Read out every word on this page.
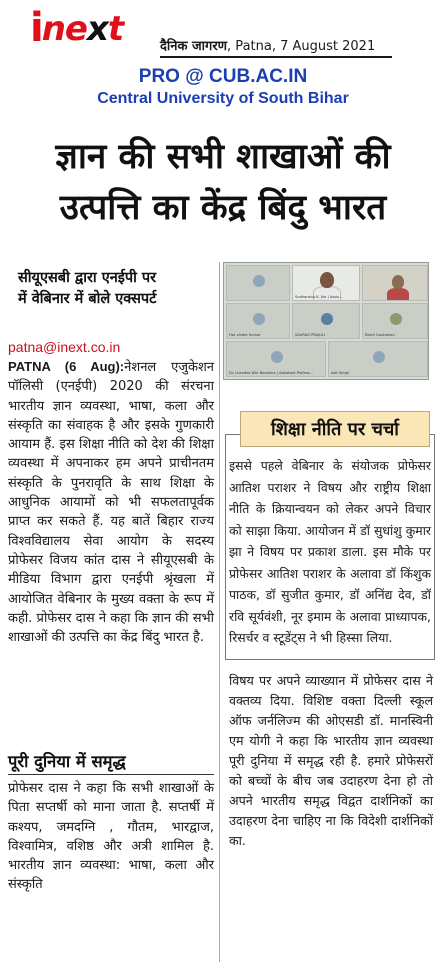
i ne x t	दैनिक जागरण, Patna, 7 August 2021
PRO @ CUB.AC.IN
Central University of South Bihar
ज्ञान की सभी शाखाओं की
उत्पत्ति का केंद्र बिंदु भारत
सीयूएसबी द्वारा एनईपी पर
में वेबिनार में बोले एक्सपर्ट
patna@inext.co.in
PATNA (6 Aug):नेशनल एजुकेशन पॉलिसी (एनईपी) 2020 की संरचना भारतीय ज्ञान व्यवस्था, भाषा, कला और संस्कृति का संवाहक है और इसके गुणकारी आयाम हैं. इस शिक्षा नीति को देश की शिक्षा व्यवस्था में अपनाकर हम अपने प्राचीनतम संस्कृति के पुनरावृति के साथ शिक्षा के आधुनिक आयामों को भी सफलतापूर्वक प्राप्त कर सकते हैं. यह बातें बिहार राज्य विश्वविद्यालय सेवा आयोग के सदस्य प्रोफेसर विजय कांत दास ने सीयूएसबी के मीडिया विभाग द्वारा एनईपी श्रृंखला में आयोजित वेबिनार के मुख्य वक्ता के रूप में कही. प्रोफेसर दास ने कहा कि ज्ञान की सभी शाखाओं की उत्पत्ति का केंद्र बिंदु भारत है.
पूरी दुनिया में समृद्ध
प्रोफेसर दास ने कहा कि सभी शाखाओं के पिता सप्तर्षी को माना जाता है. सप्तर्षी में कश्यप, जमदग्नि , गौतम, भारद्वाज, विश्वामित्र, वशिष्ठ और अत्री शामिल है. भारतीय ज्ञान व्यवस्था: भाषा, कला और संस्कृति
Sudhanshu K. Jha | Assis...
Har vinder Kumar	SAURAG PRAJULI	Rashi Gautaman
Dr. Lhendes Wiri Neohena | Assistant Profess...	Asit Singh
शिक्षा नीति पर चर्चा
इससे पहले वेबिनार के संयोजक प्रोफेसर आतिश पराशर ने विषय और राष्ट्रीय शिक्षा नीति के क्रियान्वयन को लेकर अपने विचार को साझा किया. आयोजन में डॉ सुधांशु कुमार झा ने विषय पर प्रकाश डाला. इस मौके पर प्रोफेसर आतिश पराशर के अलावा डॉ किंशुक पाठक, डॉ सुजीत कुमार, डॉ अनिंद्य देव, डॉ रवि सूर्यवंशी, नूर इमाम के अलावा प्राध्यापक, रिसर्चर व स्टूडेंट्स ने भी हिस्सा लिया.
विषय पर अपने व्याख्यान में प्रोफेसर दास ने वक्तव्य दिया. विशिष्ट वक्ता दिल्ली स्कूल ऑफ जर्नलिज्म की ओएसडी डॉ. मानस्विनी एम योगी ने कहा कि भारतीय ज्ञान व्यवस्था पूरी दुनिया में समृद्ध रही है. हमारे प्रोफेसरों को बच्चों के बीच जब उदाहरण देना हो तो अपने भारतीय समृद्ध विद्वत दार्शनिकों का उदाहरण देना चाहिए ना कि विदेशी दार्शनिकों का.
